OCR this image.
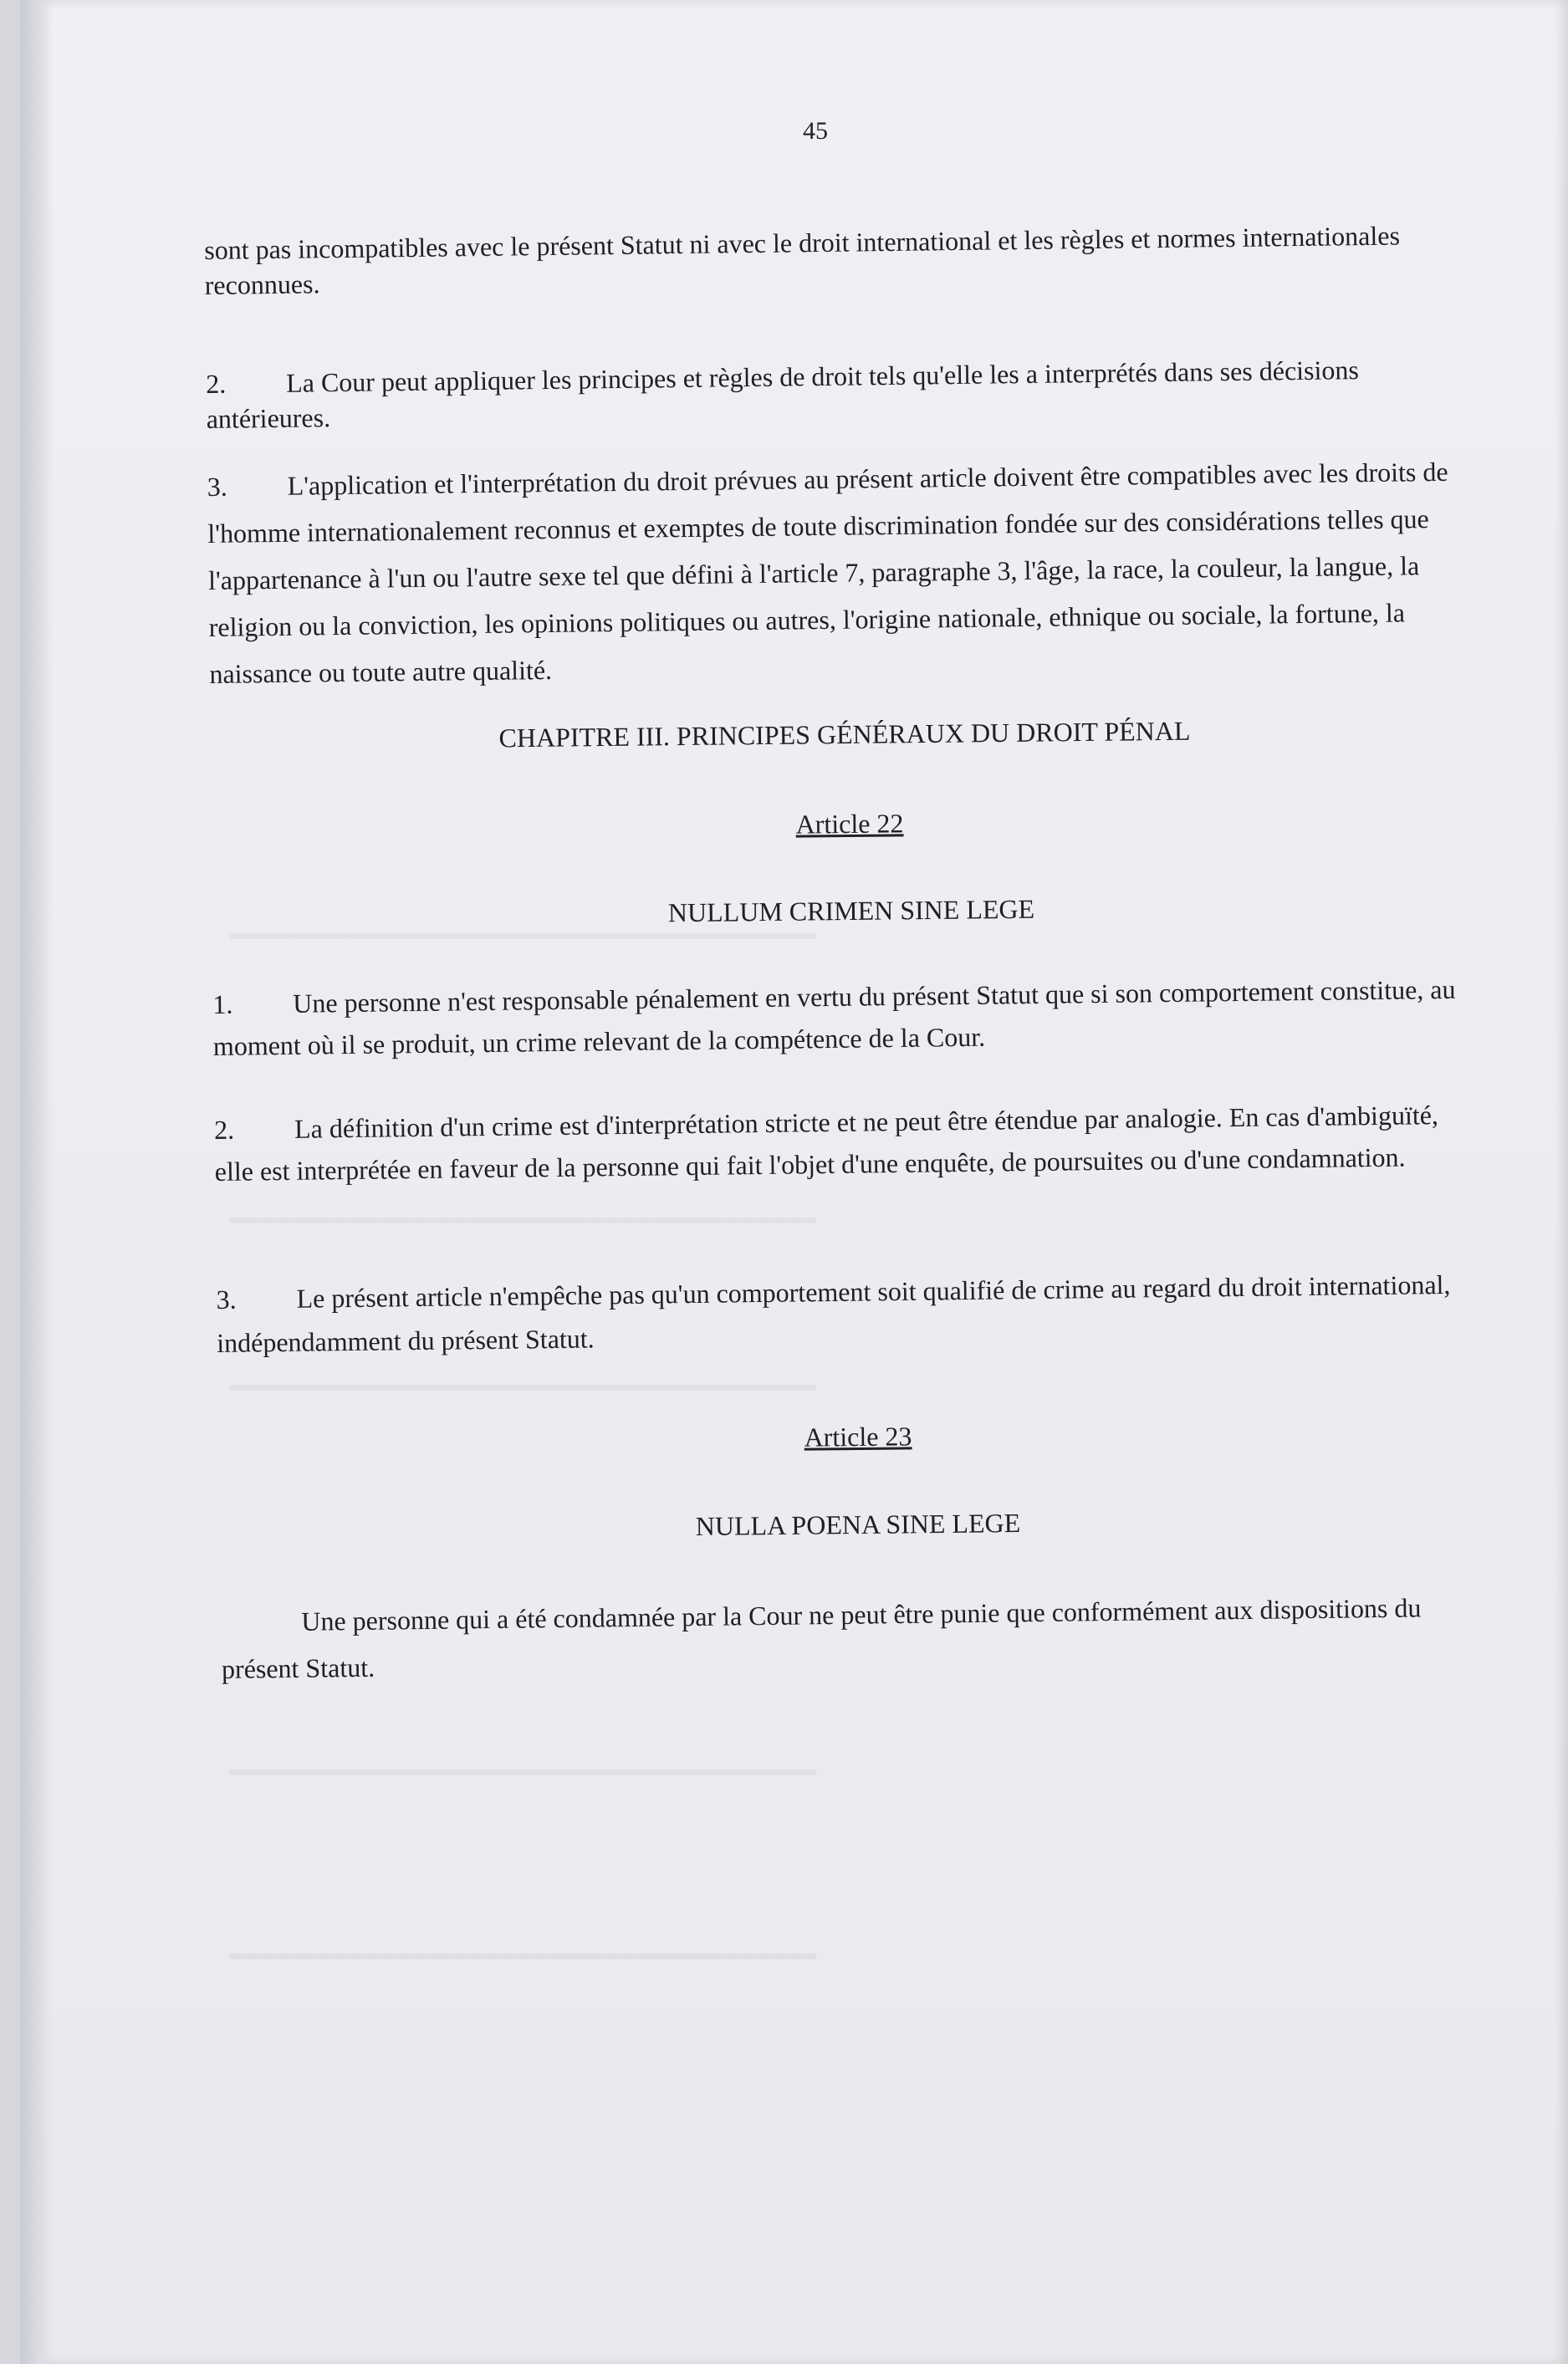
▬▬▬▬▬▬▬▬▬▬▬▬▬▬▬▬▬▬▬▬▬▬▬▬▬▬▬▬▬▬▬▬▬▬▬▬▬▬▬
▬▬▬▬▬▬▬▬▬▬▬▬▬▬▬▬▬▬▬▬▬▬▬▬▬▬▬▬▬▬▬▬▬▬▬▬▬▬▬
▬▬▬▬▬▬▬▬▬▬▬▬▬▬▬▬▬▬▬▬▬▬▬▬▬▬▬▬▬▬▬▬▬▬▬▬▬▬▬
▬▬▬▬▬▬▬▬▬▬▬▬▬▬▬▬▬▬▬▬▬▬▬▬▬▬▬▬▬▬▬▬▬▬▬▬▬▬▬
▬▬▬▬▬▬▬▬▬▬▬▬▬▬▬▬▬▬▬▬▬▬▬▬▬▬▬▬▬▬▬▬▬▬▬▬▬▬▬
45
sont pas incompatibles avec le présent Statut ni avec le droit international et les règles et normes internationales reconnues.
2. La Cour peut appliquer les principes et règles de droit tels qu'elle les a interprétés dans ses décisions antérieures.
3. L'application et l'interprétation du droit prévues au présent article doivent être compatibles avec les droits de l'homme internationalement reconnus et exemptes de toute discrimination fondée sur des considérations telles que l'appartenance à l'un ou l'autre sexe tel que défini à l'article 7, paragraphe 3, l'âge, la race, la couleur, la langue, la religion ou la conviction, les opinions politiques ou autres, l'origine nationale, ethnique ou sociale, la fortune, la naissance ou toute autre qualité.
CHAPITRE III. PRINCIPES GÉNÉRAUX DU DROIT PÉNAL
Article 22
NULLUM CRIMEN SINE LEGE
1. Une personne n'est responsable pénalement en vertu du présent Statut que si son comportement constitue, au moment où il se produit, un crime relevant de la compétence de la Cour.
2. La définition d'un crime est d'interprétation stricte et ne peut être étendue par analogie. En cas d'ambiguïté, elle est interprétée en faveur de la personne qui fait l'objet d'une enquête, de poursuites ou d'une condamnation.
3. Le présent article n'empêche pas qu'un comportement soit qualifié de crime au regard du droit international, indépendamment du présent Statut.
Article 23
NULLA POENA SINE LEGE
Une personne qui a été condamnée par la Cour ne peut être punie que conformément aux dispositions du présent Statut.
